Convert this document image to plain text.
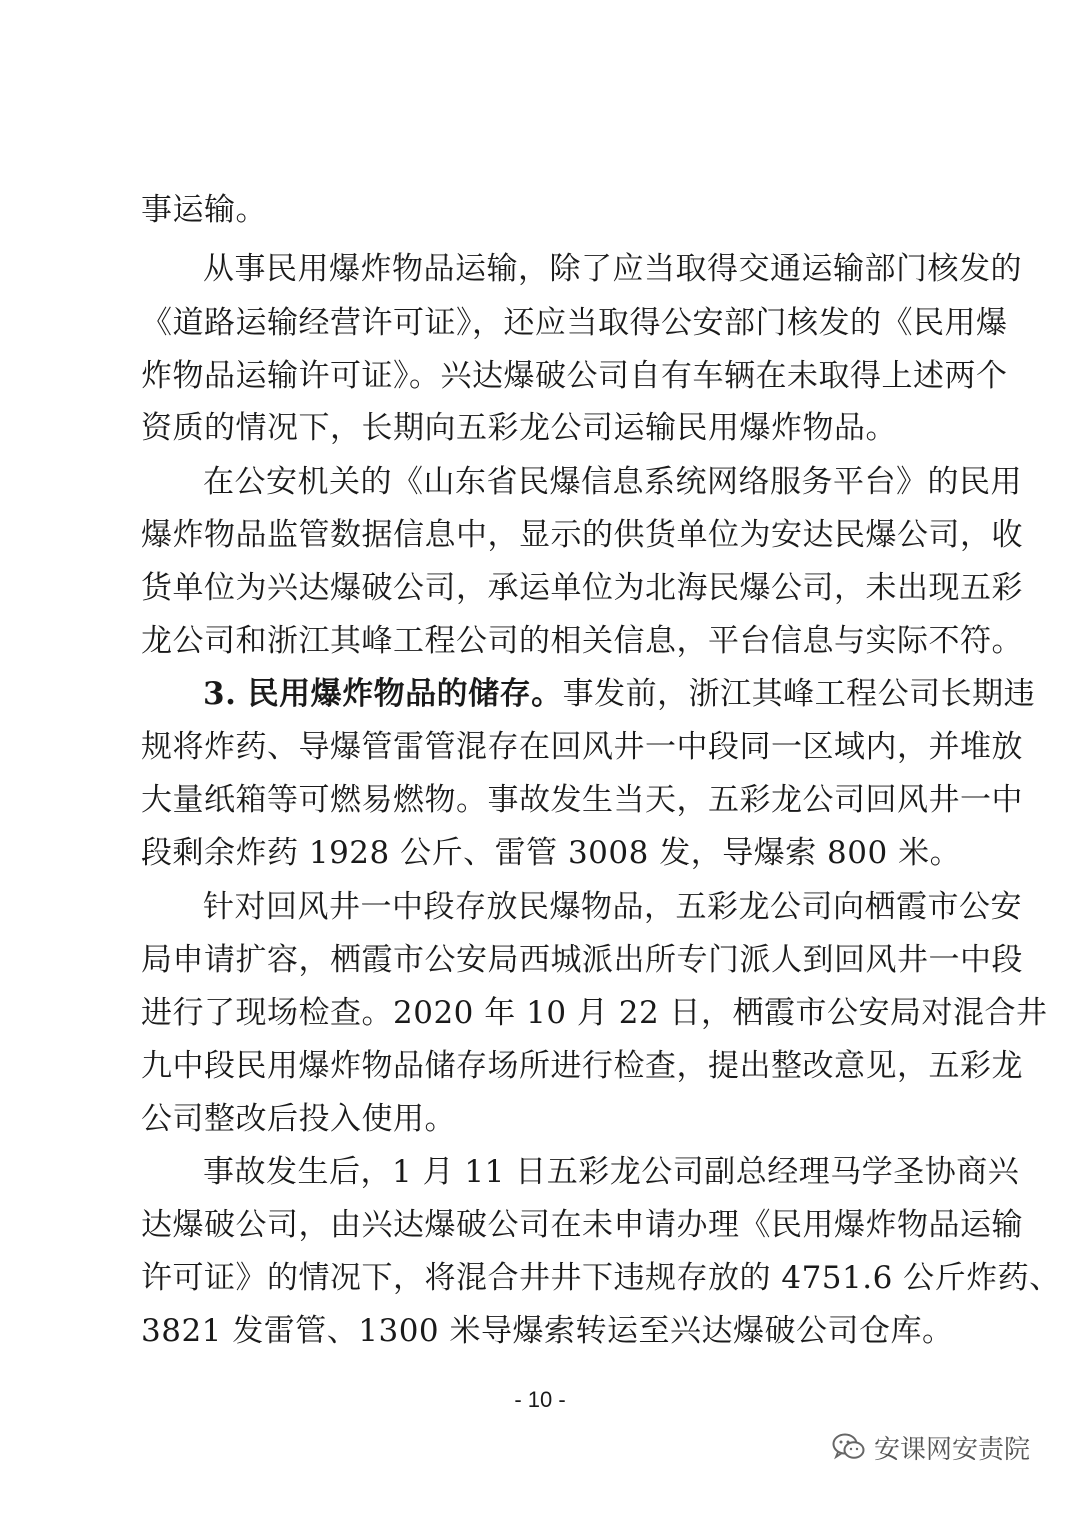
事运输。
从事民用爆炸物品运输，除了应当取得交通运输部门核发的
《道路运输经营许可证》，还应当取得公安部门核发的《民用爆
炸物品运输许可证》。兴达爆破公司自有车辆在未取得上述两个
资质的情况下，长期向五彩龙公司运输民用爆炸物品。
在公安机关的《山东省民爆信息系统网络服务平台》的民用
爆炸物品监管数据信息中，显示的供货单位为安达民爆公司，收
货单位为兴达爆破公司，承运单位为北海民爆公司，未出现五彩
龙公司和浙江其峰工程公司的相关信息，平台信息与实际不符。
3. 民用爆炸物品的储存。事发前，浙江其峰工程公司长期违
规将炸药、导爆管雷管混存在回风井一中段同一区域内，并堆放
大量纸箱等可燃易燃物。事故发生当天，五彩龙公司回风井一中
段剩余炸药 1928 公斤、雷管 3008 发，导爆索 800 米。
针对回风井一中段存放民爆物品，五彩龙公司向栖霞市公安
局申请扩容，栖霞市公安局西城派出所专门派人到回风井一中段
进行了现场检查。2020 年 10 月 22 日，栖霞市公安局对混合井
九中段民用爆炸物品储存场所进行检查，提出整改意见，五彩龙
公司整改后投入使用。
事故发生后，1 月 11 日五彩龙公司副总经理马学圣协商兴
达爆破公司，由兴达爆破公司在未申请办理《民用爆炸物品运输
许可证》的情况下，将混合井井下违规存放的 4751.6 公斤炸药、
3821 发雷管、1300 米导爆索转运至兴达爆破公司仓库。
- 10 -
安课网安责院
